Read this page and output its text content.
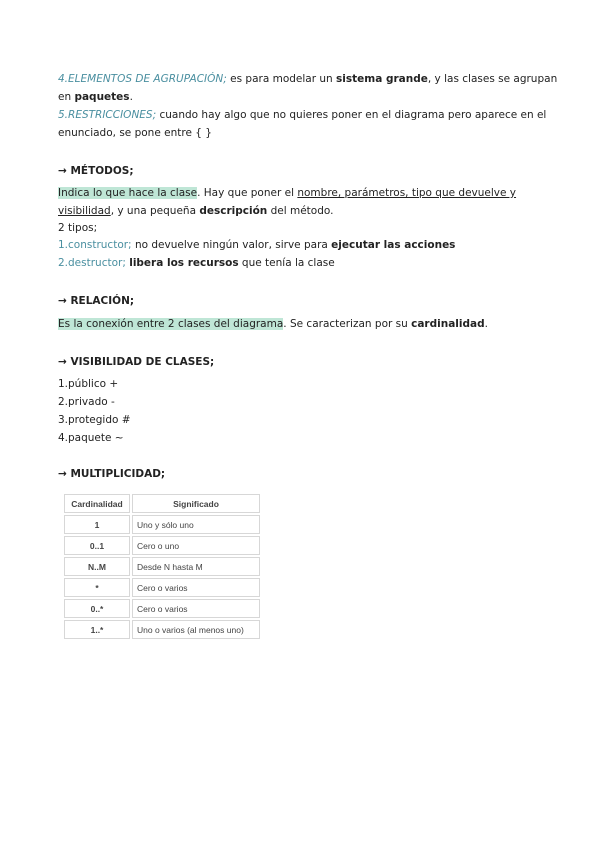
4.ELEMENTOS DE AGRUPACIÓN; es para modelar un sistema grande, y las clases se agrupan
en paquetes.
5.RESTRICCIONES; cuando hay algo que no quieres poner en el diagrama pero aparece en el
enunciado, se pone entre { }
→ MÉTODOS;
Indica lo que hace la clase. Hay que poner el nombre, parámetros, tipo que devuelve y
visibilidad, y una pequeña descripción del método.
2 tipos;
1.constructor; no devuelve ningún valor, sirve para ejecutar las acciones
2.destructor; libera los recursos que tenía la clase
→ RELACIÓN;
Es la conexión entre 2 clases del diagrama. Se caracterizan por su cardinalidad.
→ VISIBILIDAD DE CLASES;
1.público +
2.privado -
3.protegido #
4.paquete ~
→ MULTIPLICIDAD;
Cardinalidad	Significado
1	Uno y sólo uno
0..1	Cero o uno
N..M	Desde N hasta M
*	Cero o varios
0..*	Cero o varios
1..*	Uno o varios (al menos uno)
